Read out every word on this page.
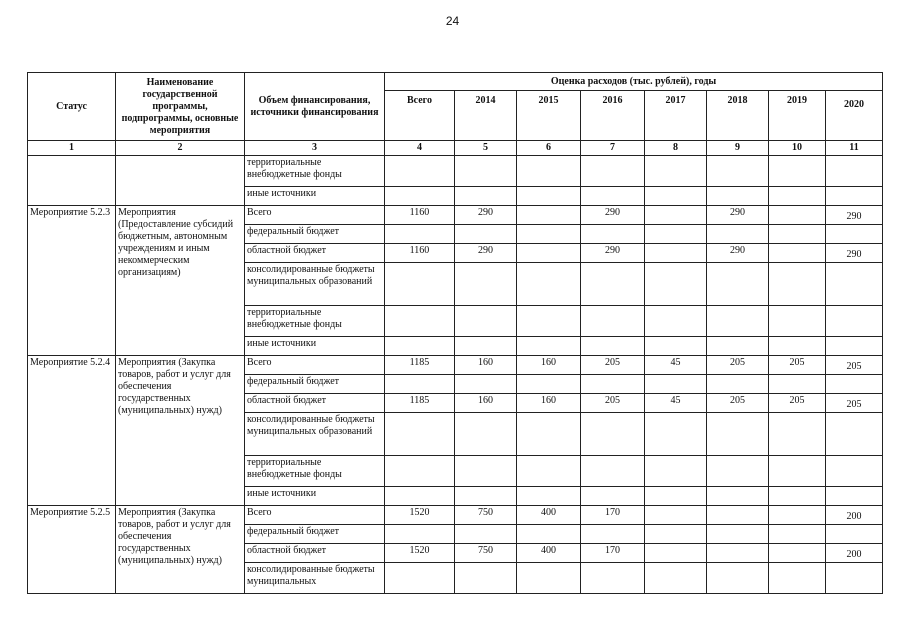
24
Статус	Наименование государственной программы, подпрограммы, основные мероприятия	Объем финансирования, источники финансирования	Оценка расходов (тыс. рублей), годы							
			Всего	2014	2015	2016	2017	2018	2019	2020
1	2	3	4	5	6	7	8	9	10	11
		территориальные внебюджетные фонды								
		иные источники								
Мероприятие 5.2.3	Мероприятия (Предоставление субсидий бюджетным, автономным учреждениям и иным некоммерческим организациям)	Всего	1160	290		290		290		290
		федеральный бюджет								
		областной бюджет	1160	290		290		290		290
		консолидированные бюджеты муниципальных образований								
		территориальные внебюджетные фонды								
		иные источники								
Мероприятие 5.2.4	Мероприятия (Закупка товаров, работ и услуг для обеспечения государственных (муниципальных) нужд)	Всего	1185	160	160	205	45	205	205	205
		федеральный бюджет								
		областной бюджет	1185	160	160	205	45	205	205	205
		консолидированные бюджеты муниципальных образований								
		территориальные внебюджетные фонды								
		иные источники								
Мероприятие 5.2.5	Мероприятия (Закупка товаров, работ и услуг для обеспечения государственных (муниципальных) нужд)	Всего	1520	750	400	170				200
		федеральный бюджет								
		областной бюджет	1520	750	400	170				200
		консолидированные бюджеты муниципальных								
